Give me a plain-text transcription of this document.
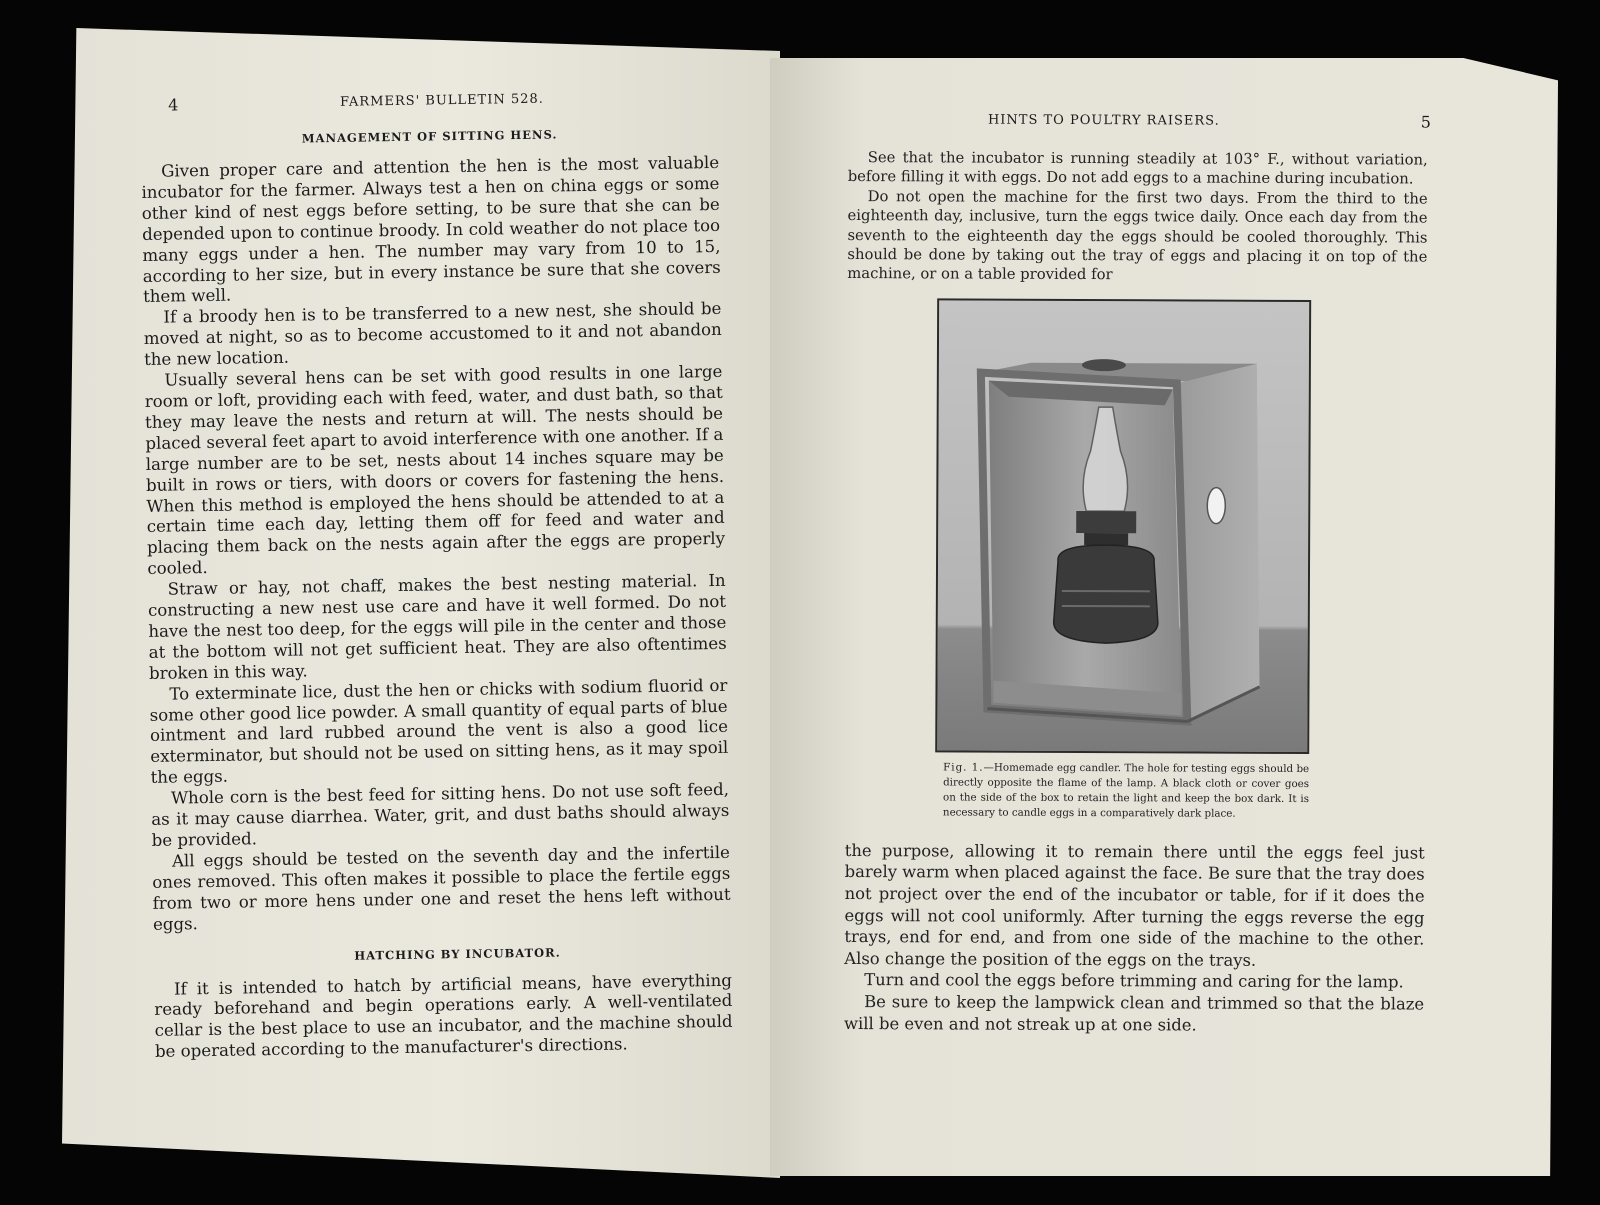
4	FARMERS' BULLETIN 528.
MANAGEMENT OF SITTING HENS.

Given proper care and attention the hen is the most valuable incubator for the farmer. Always test a hen on china eggs or some other kind of nest eggs before setting, to be sure that she can be depended upon to continue broody. In cold weather do not place too many eggs under a hen. The number may vary from 10 to 15, according to her size, but in every instance be sure that she covers them well.

If a broody hen is to be transferred to a new nest, she should be moved at night, so as to become accustomed to it and not abandon the new location.

Usually several hens can be set with good results in one large room or loft, providing each with feed, water, and dust bath, so that they may leave the nests and return at will. The nests should be placed several feet apart to avoid interference with one another. If a large number are to be set, nests about 14 inches square may be built in rows or tiers, with doors or covers for fastening the hens. When this method is employed the hens should be attended to at a certain time each day, letting them off for feed and water and placing them back on the nests again after the eggs are properly cooled.

Straw or hay, not chaff, makes the best nesting material. In constructing a new nest use care and have it well formed. Do not have the nest too deep, for the eggs will pile in the center and those at the bottom will not get sufficient heat. They are also oftentimes broken in this way.

To exterminate lice, dust the hen or chicks with sodium fluorid or some other good lice powder. A small quantity of equal parts of blue ointment and lard rubbed around the vent is also a good lice exterminator, but should not be used on sitting hens, as it may spoil the eggs.

Whole corn is the best feed for sitting hens. Do not use soft feed, as it may cause diarrhea. Water, grit, and dust baths should always be provided.

All eggs should be tested on the seventh day and the infertile ones removed. This often makes it possible to place the fertile eggs from two or more hens under one and reset the hens left without eggs.

HATCHING BY INCUBATOR.

If it is intended to hatch by artificial means, have everything ready beforehand and begin operations early. A well-ventilated cellar is the best place to use an incubator, and the machine should be operated according to the manufacturer's directions.

HINTS TO POULTRY RAISERS.	5

See that the incubator is running steadily at 103° F., without variation, before filling it with eggs. Do not add eggs to a machine during incubation.

Do not open the machine for the first two days. From the third to the eighteenth day, inclusive, turn the eggs twice daily. Once each day from the seventh to the eighteenth day the eggs should be cooled thoroughly. This should be done by taking out the tray of eggs and placing it on top of the machine, or on a table provided for

Fig. 1.—Homemade egg candler. The hole for testing eggs should be directly opposite the flame of the lamp. A black cloth or cover goes on the side of the box to retain the light and keep the box dark. It is necessary to candle eggs in a comparatively dark place.

the purpose, allowing it to remain there until the eggs feel just barely warm when placed against the face. Be sure that the tray does not project over the end of the incubator or table, for if it does the eggs will not cool uniformly. After turning the eggs reverse the egg trays, end for end, and from one side of the machine to the other. Also change the position of the eggs on the trays.

Turn and cool the eggs before trimming and caring for the lamp.

Be sure to keep the lampwick clean and trimmed so that the blaze will be even and not streak up at one side.
